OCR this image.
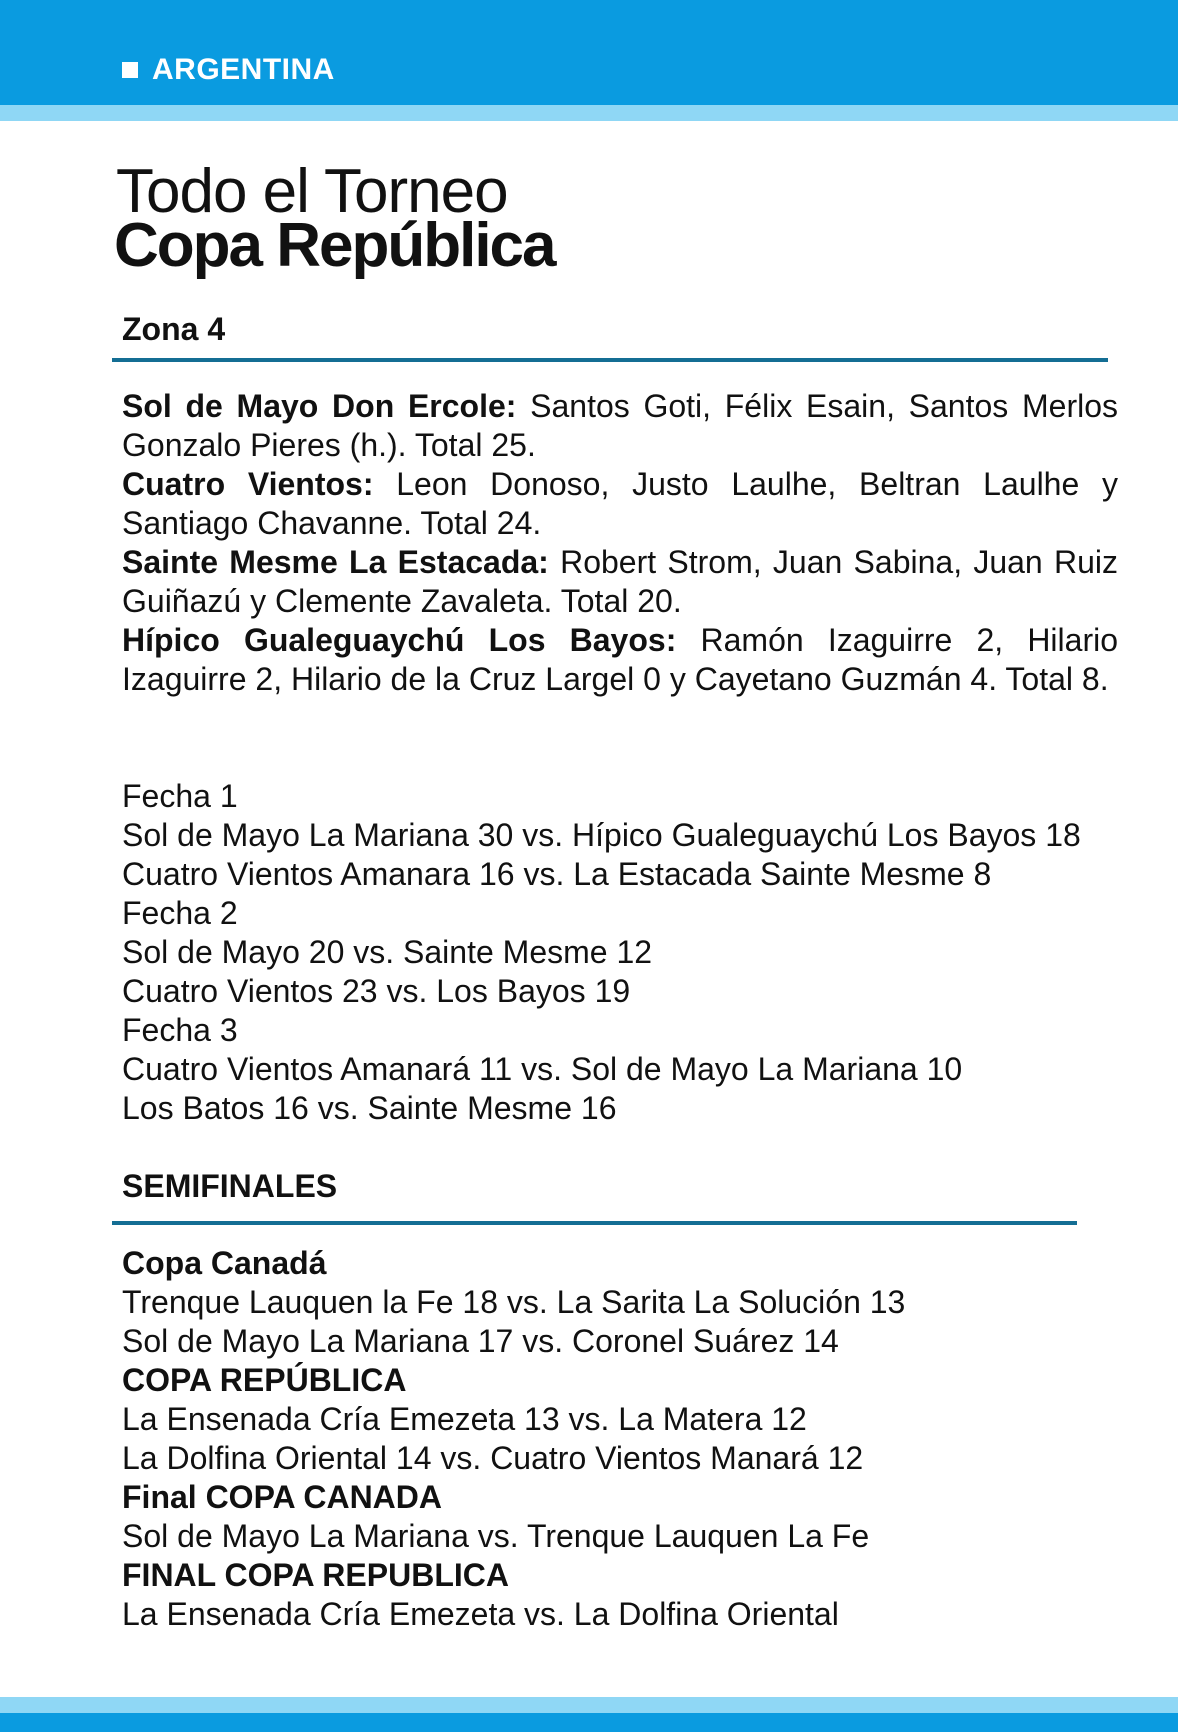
ARGENTINA
Todo el Torneo
Copa República
Zona 4

Sol de Mayo Don Ercole: Santos Goti, Félix Esain, Santos Merlos Gonzalo Pieres (h.). Total 25.

Cuatro Vientos: Leon Donoso, Justo Laulhe, Beltran Laulhe y Santiago Chavanne. Total 24.

Sainte Mesme La Estacada: Robert Strom, Juan Sabina, Juan Ruiz Guiñazú y Clemente Zavaleta. Total 20.

Hípico Gualeguaychú Los Bayos: Ramón Izaguirre 2, Hilario Izaguirre 2, Hilario de la Cruz Largel 0 y Cayetano Guzmán 4. Total 8.

Fecha 1

Sol de Mayo La Mariana 30 vs. Hípico Gualeguaychú Los Bayos 18

Cuatro Vientos Amanara 16 vs. La Estacada Sainte Mesme 8

Fecha 2

Sol de Mayo 20 vs. Sainte Mesme 12

Cuatro Vientos 23 vs. Los Bayos 19

Fecha 3

Cuatro Vientos Amanará 11 vs. Sol de Mayo La Mariana 10

Los Batos 16 vs. Sainte Mesme 16

SEMIFINALES

Copa Canadá

Trenque Lauquen la Fe 18 vs. La Sarita La Solución 13

Sol de Mayo La Mariana 17 vs. Coronel Suárez 14

COPA REPÚBLICA

La Ensenada Cría Emezeta 13 vs. La Matera 12

La Dolfina Oriental 14 vs. Cuatro Vientos Manará 12

Final COPA CANADA

Sol de Mayo La Mariana vs. Trenque Lauquen La Fe

FINAL COPA REPUBLICA

La Ensenada Cría Emezeta vs. La Dolfina Oriental
